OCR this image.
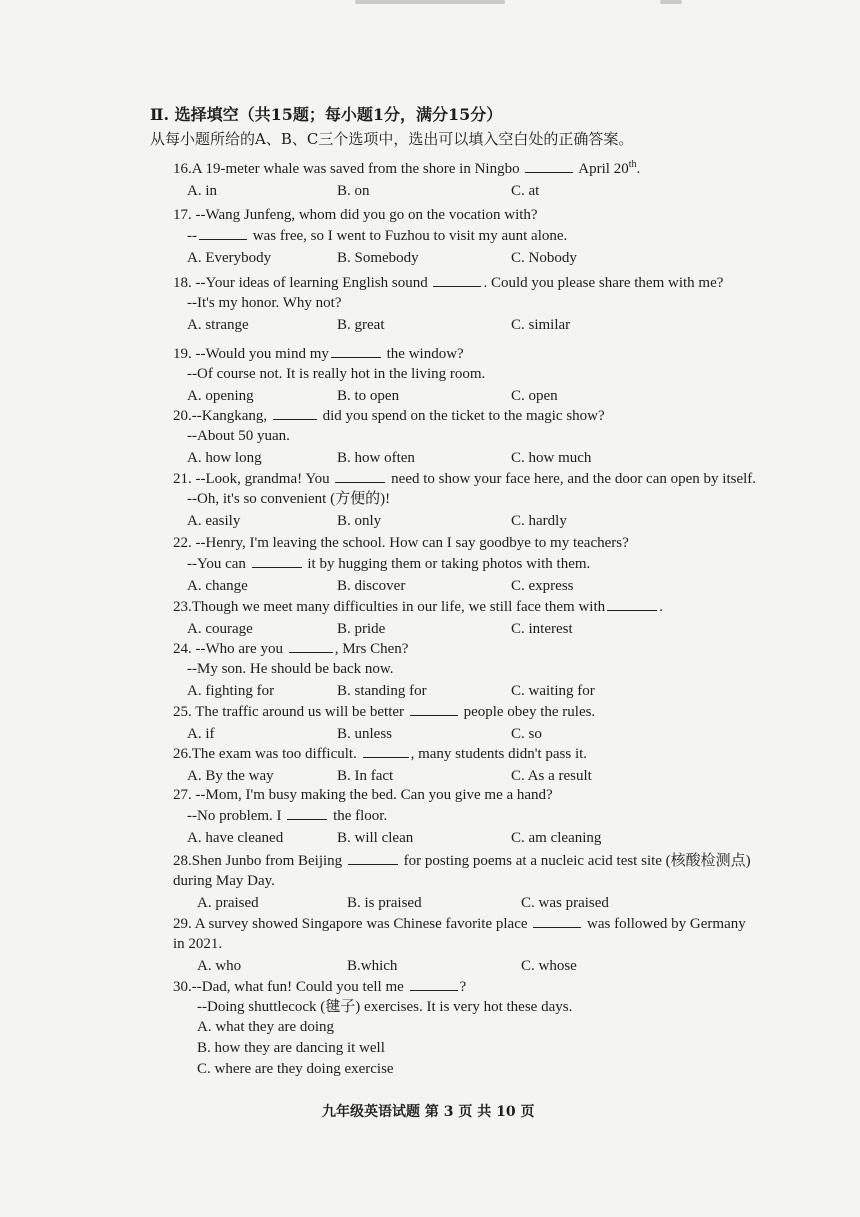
Ⅱ. 选择填空（共15题；每小题1分，满分15分）
从每小题所给的A、B、C三个选项中，选出可以填入空白处的正确答案。
16.A 19-meter whale was saved from the shore in Ningbo	April 20th.
A. in	B. on	C. at
17. --Wang Junfeng, whom did you go on the vocation with?
--	was free, so I went to Fuzhou to visit my aunt alone.
A. Everybody	B. Somebody	C. Nobody
18. --Your ideas of learning English sound	. Could you please share them with me?
--It's my honor. Why not?
A. strange	B. great	C. similar
19. --Would you mind my	the window?
--Of course not. It is really hot in the living room.
A. opening	B. to open	C. open
20.--Kangkang,	did you spend on the ticket to the magic show?
--About 50 yuan.
A. how long	B. how often	C. how much
21. --Look, grandma! You	need to show your face here, and the door can open by itself.
--Oh, it's so convenient (方便的)!
A. easily	B. only	C. hardly
22. --Henry, I'm leaving the school. How can I say goodbye to my teachers?
--You can	it by hugging them or taking photos with them.
A. change	B. discover	C. express
23.Though we meet many difficulties in our life, we still face them with	.
A. courage	B. pride	C. interest
24. --Who are you	, Mrs Chen?
--My son. He should be back now.
A. fighting for	B. standing for	C. waiting for
25. The traffic around us will be better	people obey the rules.
A. if	B. unless	C. so
26.The exam was too difficult.	, many students didn't pass it.
A. By the way	B. In fact	C. As a result
27. --Mom, I'm busy making the bed. Can you give me a hand?
--No problem. I	the floor.
A. have cleaned	B. will clean	C. am cleaning
28.Shen Junbo from Beijing	for posting poems at a nucleic acid test site (核酸检测点)
during May Day.
A. praised	B. is praised	C. was praised
29. A survey showed Singapore was Chinese favorite place	was followed by Germany
in 2021.
A. who	B.which	C. whose
30.--Dad, what fun! Could you tell me	?
--Doing shuttlecock (毽子) exercises. It is very hot these days.
A. what they are doing
B. how they are dancing it well
C. where are they doing exercise
九年级英语试题 第 3 页 共 10 页
